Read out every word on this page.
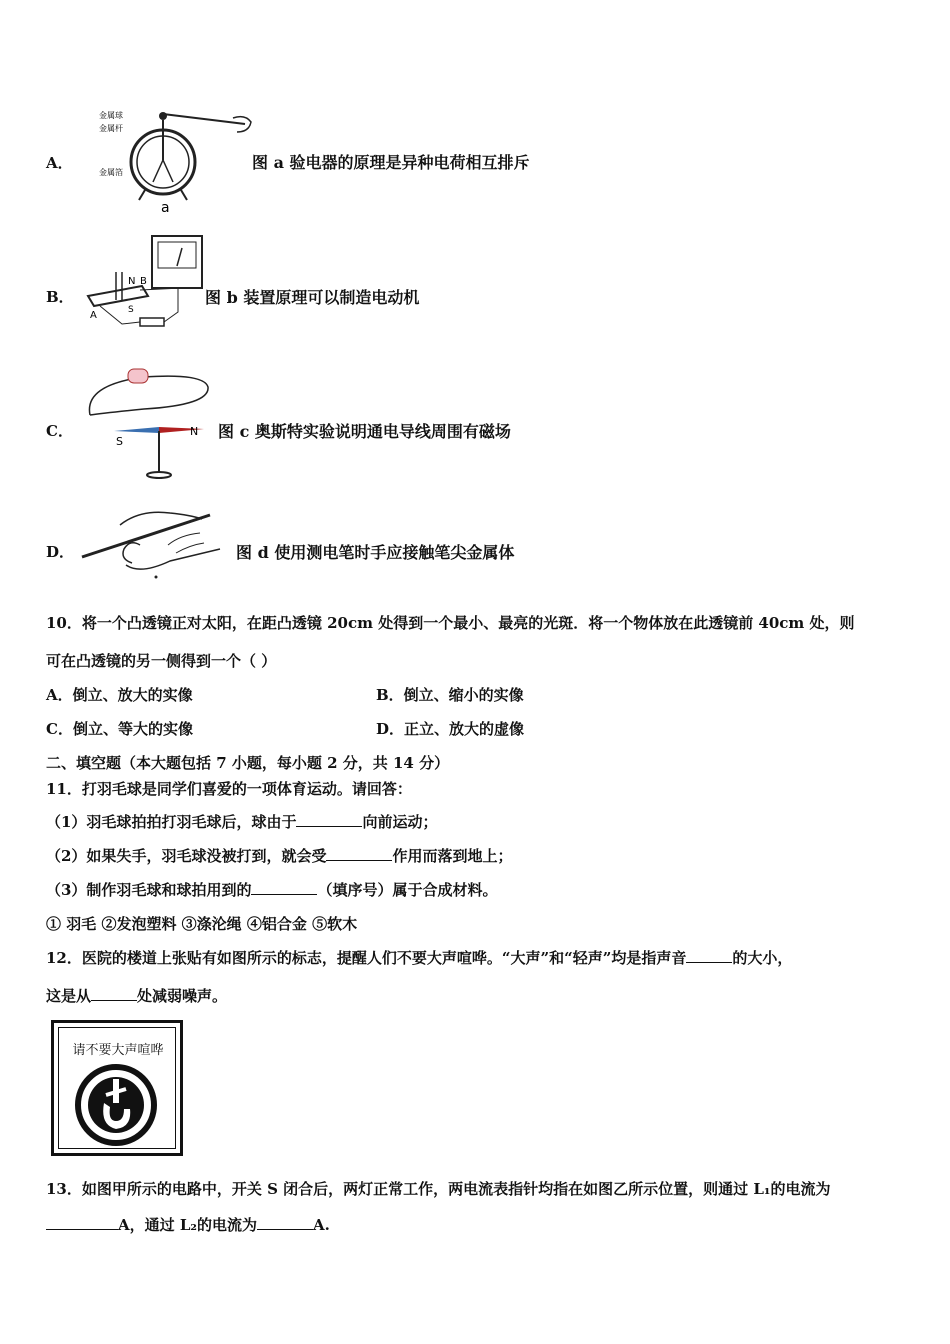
A．
金属球
金属杆
金属箔
a
图 a 验电器的原理是异种电荷相互排斥
B．
N B
A	S
图 b 装置原理可以制造电动机
C．
S
N 图 c 奥斯特实验说明通电导线周围有磁场
D．	图 d 使用测电笔时手应接触笔尖金属体
10．将一个凸透镜正对太阳，在距凸透镜 20cm 处得到一个最小、最亮的光斑．将一个物体放在此透镜前 40cm 处，则
可在凸透镜的另一侧得到一个（ ）
A．倒立、放大的实像	B．倒立、缩小的实像
C．倒立、等大的实像	D．正立、放大的虚像
二、填空题（本大题包括 7 小题，每小题 2 分，共 14 分）
11．打羽毛球是同学们喜爱的一项体育运动。请回答：
（1）羽毛球拍拍打羽毛球后，球由于	向前运动；
（2）如果失手，羽毛球没被打到，就会受	作用而落到地上；
（3）制作羽毛球和球拍用到的	（填序号）属于合成材料。
① 羽毛 ②发泡塑料 ③涤沦绳 ④铝合金 ⑤软木
12．医院的楼道上张贴有如图所示的标志，提醒人们不要大声喧哗。“大声”和“轻声”均是指声音	的大小，
这是从	处减弱噪声。
请不要大声喧哗
13．如图甲所示的电路中，开关 S 闭合后，两灯正常工作，两电流表指针均指在如图乙所示位置，则通过 L₁的电流为
A，通过 L₂的电流为	A.
